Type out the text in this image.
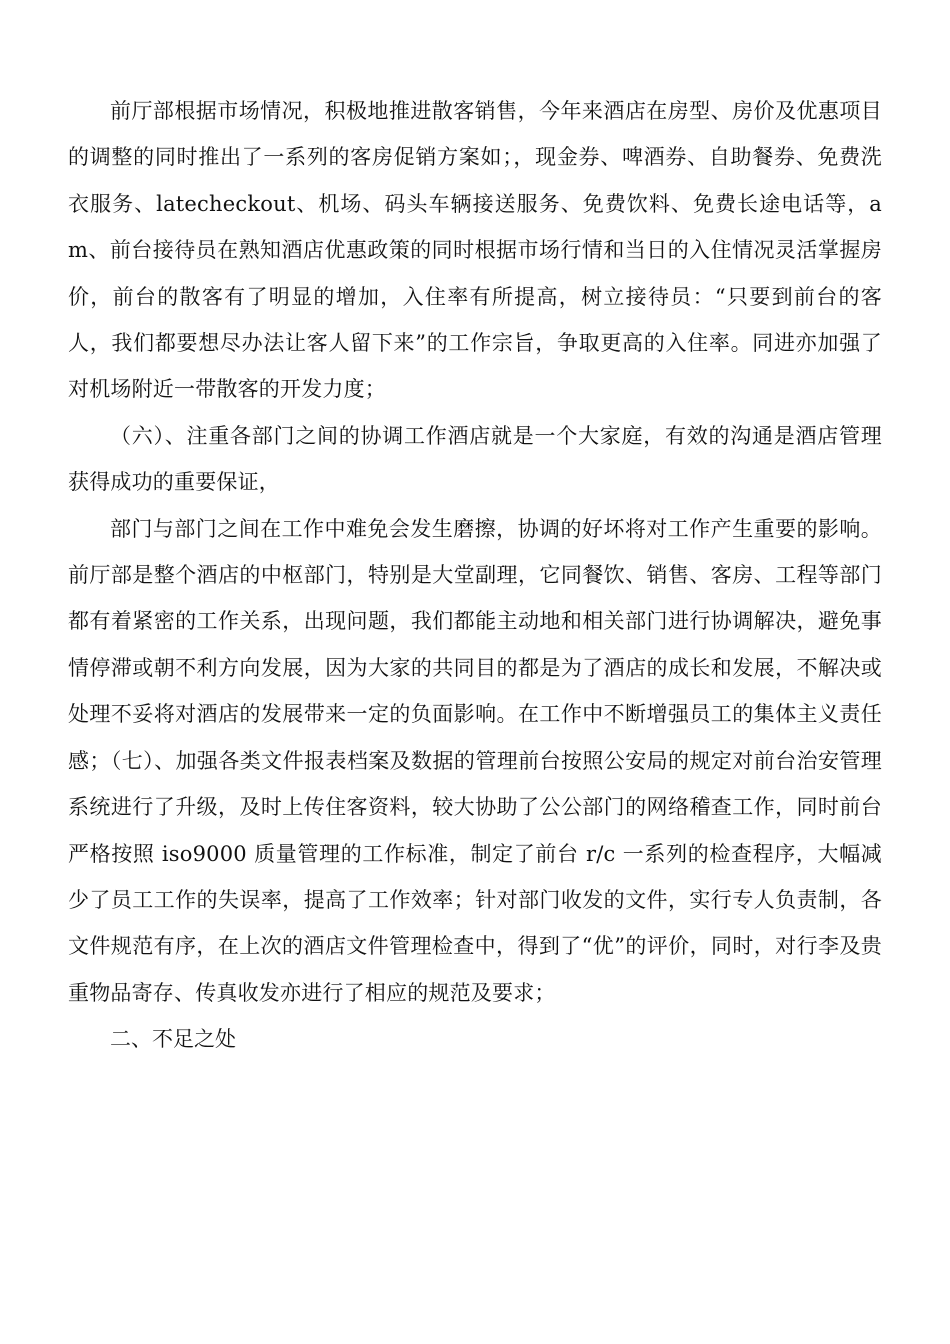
前厅部根据市场情况，积极地推进散客销售，今年来酒店在房型、房价及优惠项目的调整的同时推出了一系列的客房促销方案如；，现金券、啤酒券、自助餐券、免费洗衣服务、latecheckout、机场、码头车辆接送服务、免费饮料、免费长途电话等，am、前台接待员在熟知酒店优惠政策的同时根据市场行情和当日的入住情况灵活掌握房价，前台的散客有了明显的增加，入住率有所提高，树立接待员：“只要到前台的客人，我们都要想尽办法让客人留下来”的工作宗旨，争取更高的入住率。同进亦加强了对机场附近一带散客的开发力度；

（六）、注重各部门之间的协调工作酒店就是一个大家庭，有效的沟通是酒店管理获得成功的重要保证，

部门与部门之间在工作中难免会发生磨擦，协调的好坏将对工作产生重要的影响。前厅部是整个酒店的中枢部门，特别是大堂副理，它同餐饮、销售、客房、工程等部门都有着紧密的工作关系，出现问题，我们都能主动地和相关部门进行协调解决，避免事情停滞或朝不利方向发展，因为大家的共同目的都是为了酒店的成长和发展，不解决或处理不妥将对酒店的发展带来一定的负面影响。在工作中不断增强员工的集体主义责任感；（七）、加强各类文件报表档案及数据的管理前台按照公安局的规定对前台治安管理系统进行了升级，及时上传住客资料，较大协助了公公部门的网络稽查工作，同时前台严格按照 iso9000 质量管理的工作标准，制定了前台 r/c 一系列的检查程序，大幅减少了员工工作的失误率，提高了工作效率；针对部门收发的文件，实行专人负责制，各文件规范有序，在上次的酒店文件管理检查中，得到了“优”的评价，同时，对行李及贵重物品寄存、传真收发亦进行了相应的规范及要求；

二、不足之处
